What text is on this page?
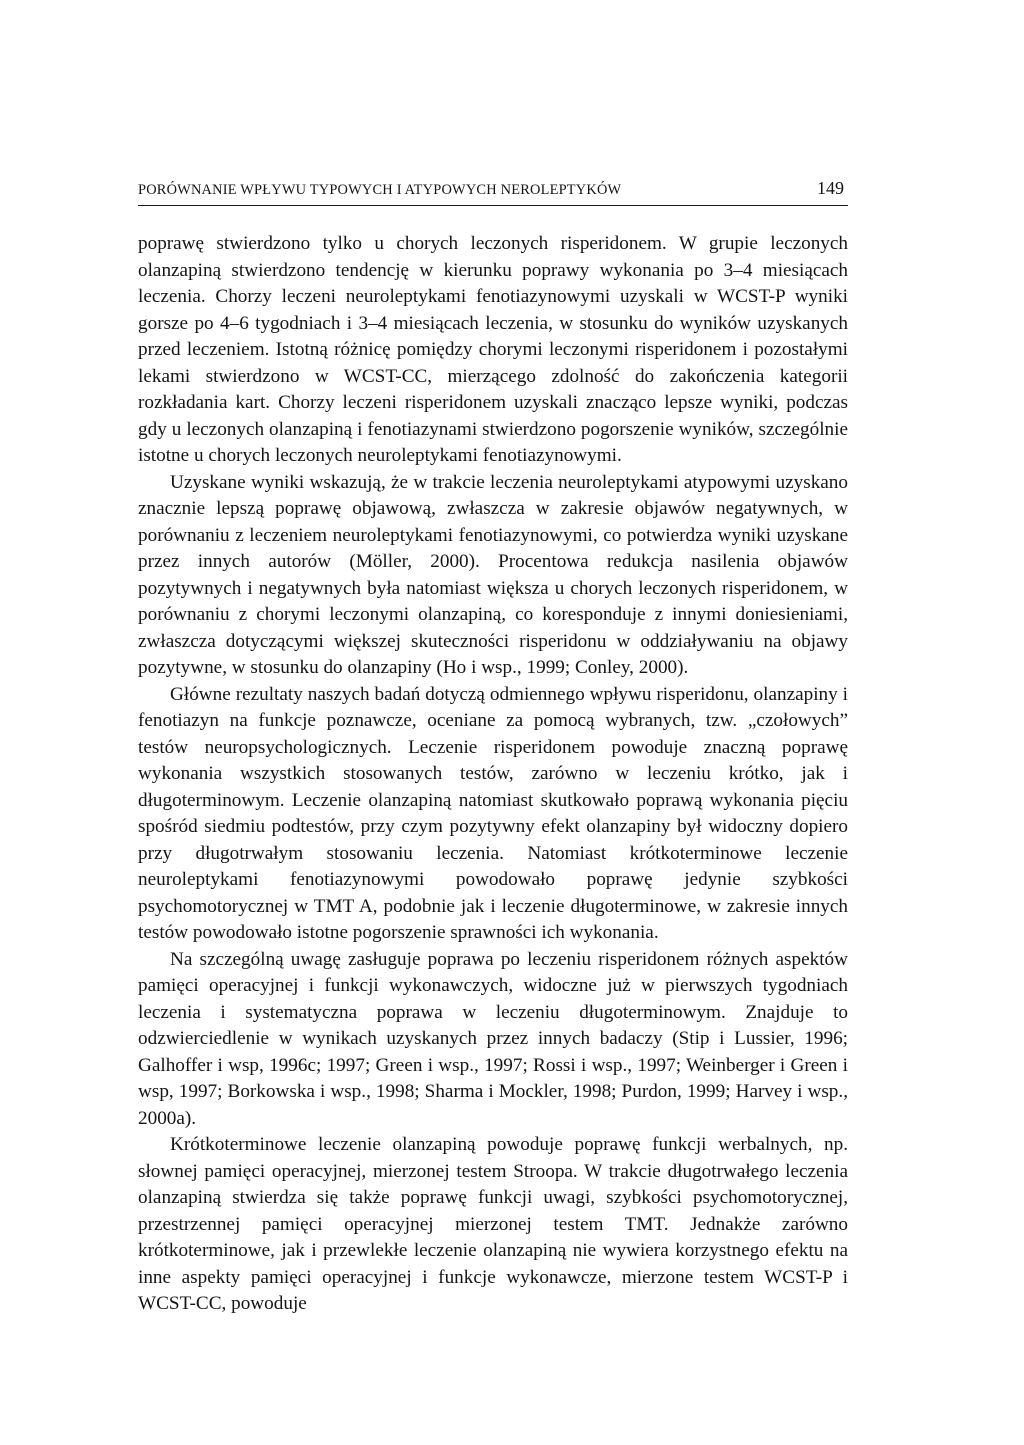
PORÓWNANIE WPŁYWU TYPOWYCH I ATYPOWYCH NEROLEPTYKÓW	149

poprawę stwierdzono tylko u chorych leczonych risperidonem. W grupie leczonych olanzapiną stwierdzono tendencję w kierunku poprawy wykonania po 3–4 miesiącach leczenia. Chorzy leczeni neuroleptykami fenotiazynowymi uzyskali w WCST-P wyniki gorsze po 4–6 tygodniach i 3–4 miesiącach leczenia, w stosunku do wyników uzyskanych przed leczeniem. Istotną różnicę pomiędzy chorymi leczonymi risperidonem i pozostałymi lekami stwierdzono w WCST-CC, mierzącego zdolność do zakończenia kategorii rozkładania kart. Chorzy leczeni risperidonem uzyskali znacząco lepsze wyniki, podczas gdy u leczonych olanzapiną i fenotiazynami stwierdzono pogorszenie wyników, szczególnie istotne u chorych leczonych neuroleptykami fenotiazynowymi.

Uzyskane wyniki wskazują, że w trakcie leczenia neuroleptykami atypowymi uzyskano znacznie lepszą poprawę objawową, zwłaszcza w zakresie objawów negatywnych, w porównaniu z leczeniem neuroleptykami fenotiazynowymi, co potwierdza wyniki uzyskane przez innych autorów (Möller, 2000). Procentowa redukcja nasilenia objawów pozytywnych i negatywnych była natomiast większa u chorych leczonych risperidonem, w porównaniu z chorymi leczonymi olanzapiną, co koresponduje z innymi doniesieniami, zwłaszcza dotyczącymi większej skuteczności risperidonu w oddziaływaniu na objawy pozytywne, w stosunku do olanzapiny (Ho i wsp., 1999; Conley, 2000).

Główne rezultaty naszych badań dotyczą odmiennego wpływu risperidonu, olanzapiny i fenotiazyn na funkcje poznawcze, oceniane za pomocą wybranych, tzw. „czołowych” testów neuropsychologicznych. Leczenie risperidonem powoduje znaczną poprawę wykonania wszystkich stosowanych testów, zarówno w leczeniu krótko, jak i długoterminowym. Leczenie olanzapiną natomiast skutkowało poprawą wykonania pięciu spośród siedmiu podtestów, przy czym pozytywny efekt olanzapiny był widoczny dopiero przy długotrwałym stosowaniu leczenia. Natomiast krótkoterminowe leczenie neuroleptykami fenotiazynowymi powodowało poprawę jedynie szybkości psychomotorycznej w TMT A, podobnie jak i leczenie długoterminowe, w zakresie innych testów powodowało istotne pogorszenie sprawności ich wykonania.

Na szczególną uwagę zasługuje poprawa po leczeniu risperidonem różnych aspektów pamięci operacyjnej i funkcji wykonawczych, widoczne już w pierwszych tygodniach leczenia i systematyczna poprawa w leczeniu długoterminowym. Znajduje to odzwierciedlenie w wynikach uzyskanych przez innych badaczy (Stip i Lussier, 1996; Galhoffer i wsp, 1996c; 1997; Green i wsp., 1997; Rossi i wsp., 1997; Weinberger i Green i wsp, 1997; Borkowska i wsp., 1998; Sharma i Mockler, 1998; Purdon, 1999; Harvey i wsp., 2000a).

Krótkoterminowe leczenie olanzapiną powoduje poprawę funkcji werbalnych, np. słownej pamięci operacyjnej, mierzonej testem Stroopa. W trakcie długotrwałego leczenia olanzapiną stwierdza się także poprawę funkcji uwagi, szybkości psychomotorycznej, przestrzennej pamięci operacyjnej mierzonej testem TMT. Jednakże zarówno krótkoterminowe, jak i przewlekłe leczenie olanzapiną nie wywiera korzystnego efektu na inne aspekty pamięci operacyjnej i funkcje wykonawcze, mierzone testem WCST-P i WCST-CC, powoduje
